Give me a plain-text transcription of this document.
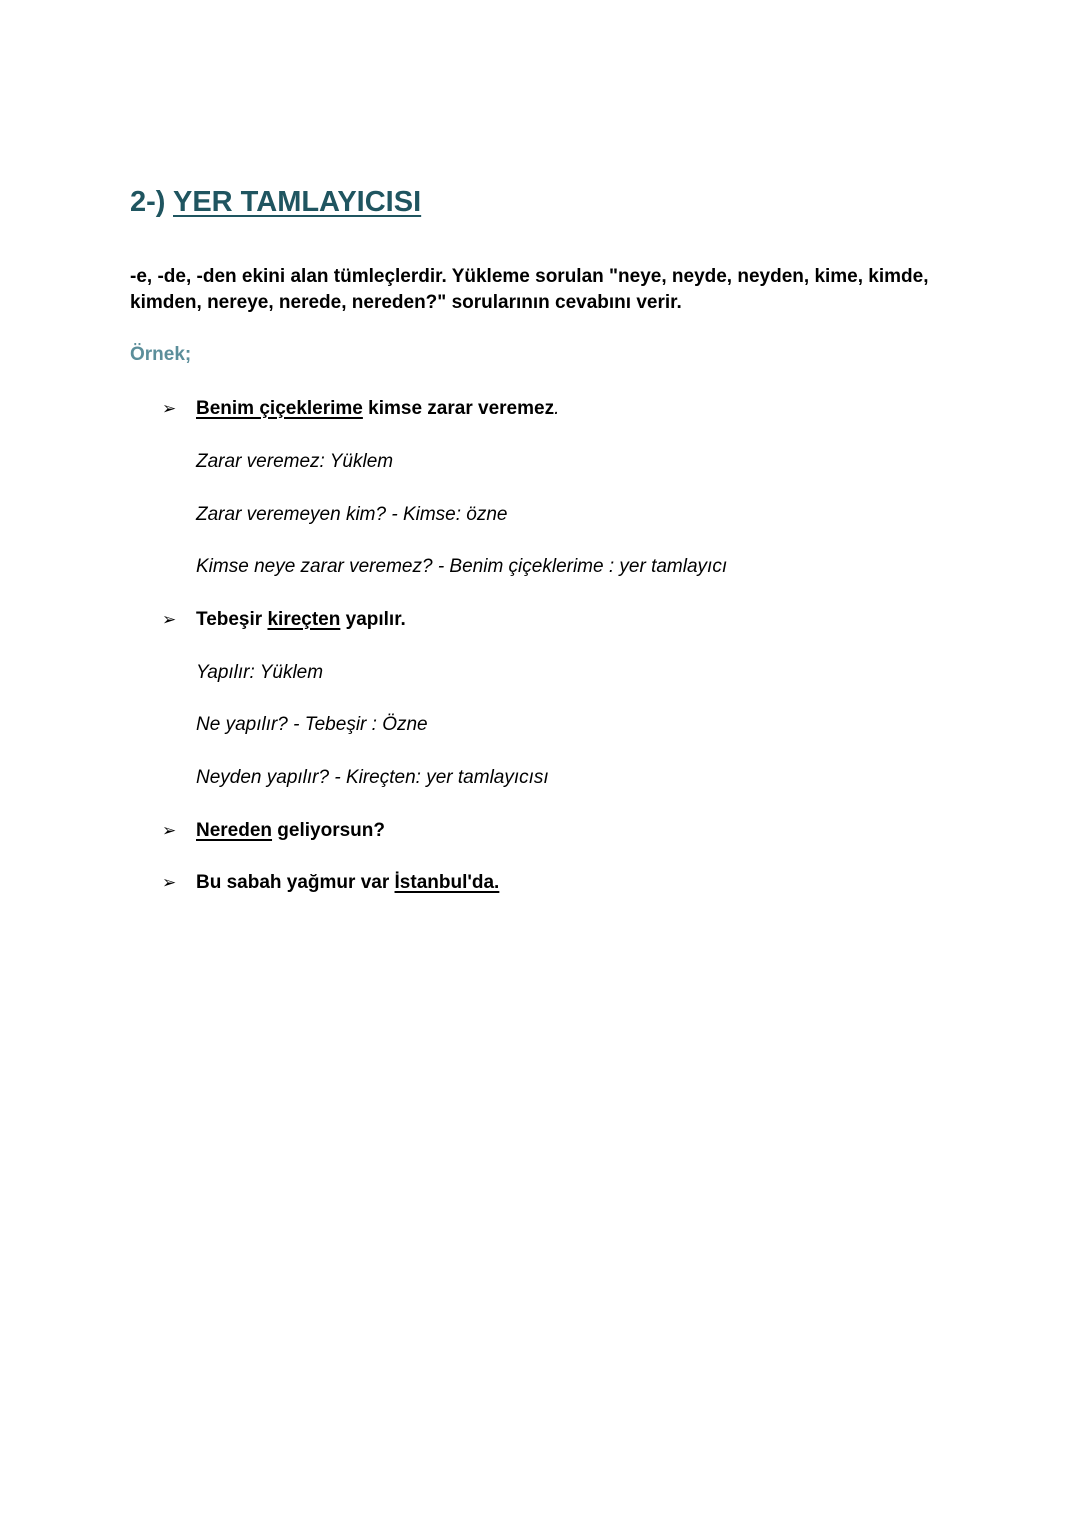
2-) YER TAMLAYICISI

-e, -de, -den ekini alan tümleçlerdir. Yükleme sorulan "neye, neyde, neyden, kime, kimde, kimden, nereye, nerede, nereden?" sorularının cevabını verir.

Örnek;

➢ Benim çiçeklerime kimse zarar veremez.
Zarar veremez: Yüklem
Zarar veremeyen kim? - Kimse: özne
Kimse neye zarar veremez? - Benim çiçeklerime : yer tamlayıcı
➢ Tebeşir kireçten yapılır.
Yapılır: Yüklem
Ne yapılır? - Tebeşir : Özne
Neyden yapılır? - Kireçten: yer tamlayıcısı
➢ Nereden geliyorsun?
➢ Bu sabah yağmur var İstanbul'da.
